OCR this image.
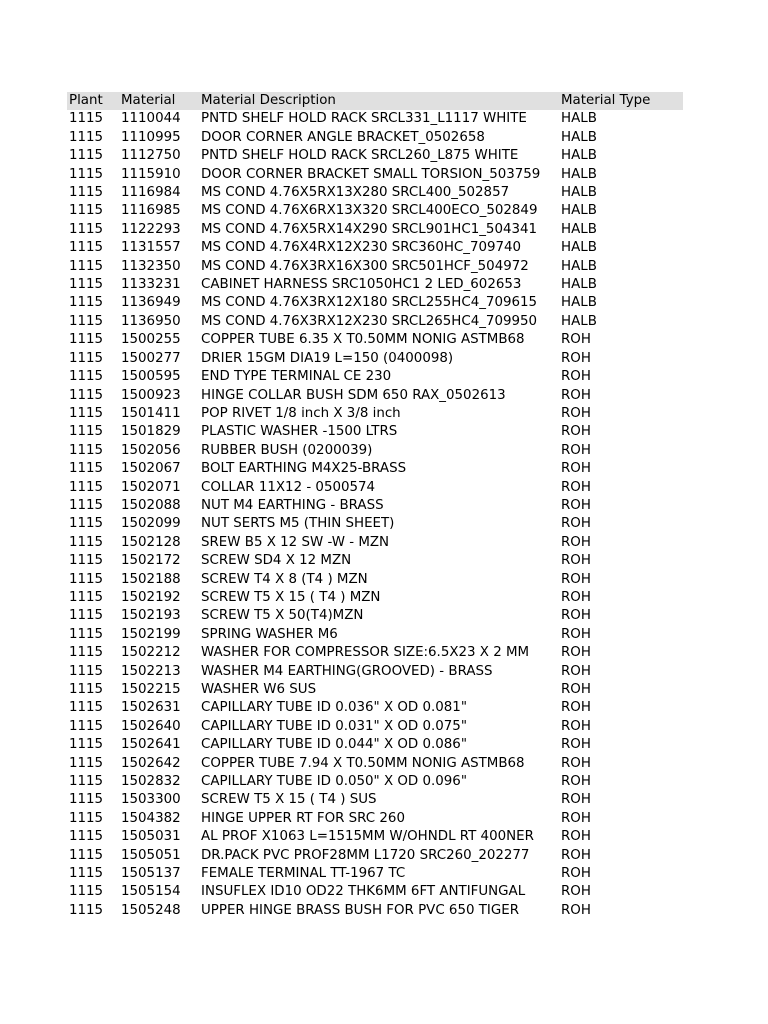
Plant	Material	Material Description	Material Type
1115	1110044	PNTD SHELF HOLD RACK SRCL331_L1117 WHITE	HALB
1115	1110995	DOOR CORNER ANGLE BRACKET_0502658	HALB
1115	1112750	PNTD SHELF HOLD RACK SRCL260_L875 WHITE	HALB
1115	1115910	DOOR CORNER BRACKET SMALL TORSION_503759	HALB
1115	1116984	MS COND 4.76X5RX13X280 SRCL400_502857	HALB
1115	1116985	MS COND 4.76X6RX13X320 SRCL400ECO_502849	HALB
1115	1122293	MS COND 4.76X5RX14X290 SRCL901HC1_504341	HALB
1115	1131557	MS COND 4.76X4RX12X230 SRC360HC_709740	HALB
1115	1132350	MS COND 4.76X3RX16X300 SRC501HCF_504972	HALB
1115	1133231	CABINET HARNESS SRC1050HC1 2 LED_602653	HALB
1115	1136949	MS COND 4.76X3RX12X180 SRCL255HC4_709615	HALB
1115	1136950	MS COND 4.76X3RX12X230 SRCL265HC4_709950	HALB
1115	1500255	COPPER TUBE 6.35 X T0.50MM NONIG ASTMB68	ROH
1115	1500277	DRIER 15GM DIA19 L=150 (0400098)	ROH
1115	1500595	END TYPE TERMINAL CE 230	ROH
1115	1500923	HINGE COLLAR BUSH SDM 650 RAX_0502613	ROH
1115	1501411	POP RIVET 1/8 inch X 3/8 inch	ROH
1115	1501829	PLASTIC WASHER -1500 LTRS	ROH
1115	1502056	RUBBER BUSH (0200039)	ROH
1115	1502067	BOLT EARTHING M4X25-BRASS	ROH
1115	1502071	COLLAR 11X12 - 0500574	ROH
1115	1502088	NUT M4 EARTHING - BRASS	ROH
1115	1502099	NUT SERTS M5 (THIN SHEET)	ROH
1115	1502128	SREW B5 X 12 SW -W - MZN	ROH
1115	1502172	SCREW SD4 X 12 MZN	ROH
1115	1502188	SCREW T4 X 8 (T4 ) MZN	ROH
1115	1502192	SCREW T5 X 15 ( T4 ) MZN	ROH
1115	1502193	SCREW T5 X 50(T4)MZN	ROH
1115	1502199	SPRING WASHER M6	ROH
1115	1502212	WASHER FOR COMPRESSOR SIZE:6.5X23 X 2 MM	ROH
1115	1502213	WASHER M4 EARTHING(GROOVED) - BRASS	ROH
1115	1502215	WASHER W6 SUS	ROH
1115	1502631	CAPILLARY TUBE ID 0.036" X OD 0.081"	ROH
1115	1502640	CAPILLARY TUBE ID 0.031" X OD 0.075"	ROH
1115	1502641	CAPILLARY TUBE ID 0.044" X OD 0.086"	ROH
1115	1502642	COPPER TUBE 7.94 X T0.50MM NONIG ASTMB68	ROH
1115	1502832	CAPILLARY TUBE ID 0.050" X OD 0.096"	ROH
1115	1503300	SCREW T5 X 15 ( T4 ) SUS	ROH
1115	1504382	HINGE UPPER RT FOR SRC 260	ROH
1115	1505031	AL PROF X1063 L=1515MM W/OHNDL RT 400NER	ROH
1115	1505051	DR.PACK PVC PROF28MM L1720 SRC260_202277	ROH
1115	1505137	FEMALE TERMINAL TT-1967 TC	ROH
1115	1505154	INSUFLEX ID10 OD22 THK6MM 6FT ANTIFUNGAL	ROH
1115	1505248	UPPER HINGE BRASS BUSH FOR PVC 650 TIGER	ROH
